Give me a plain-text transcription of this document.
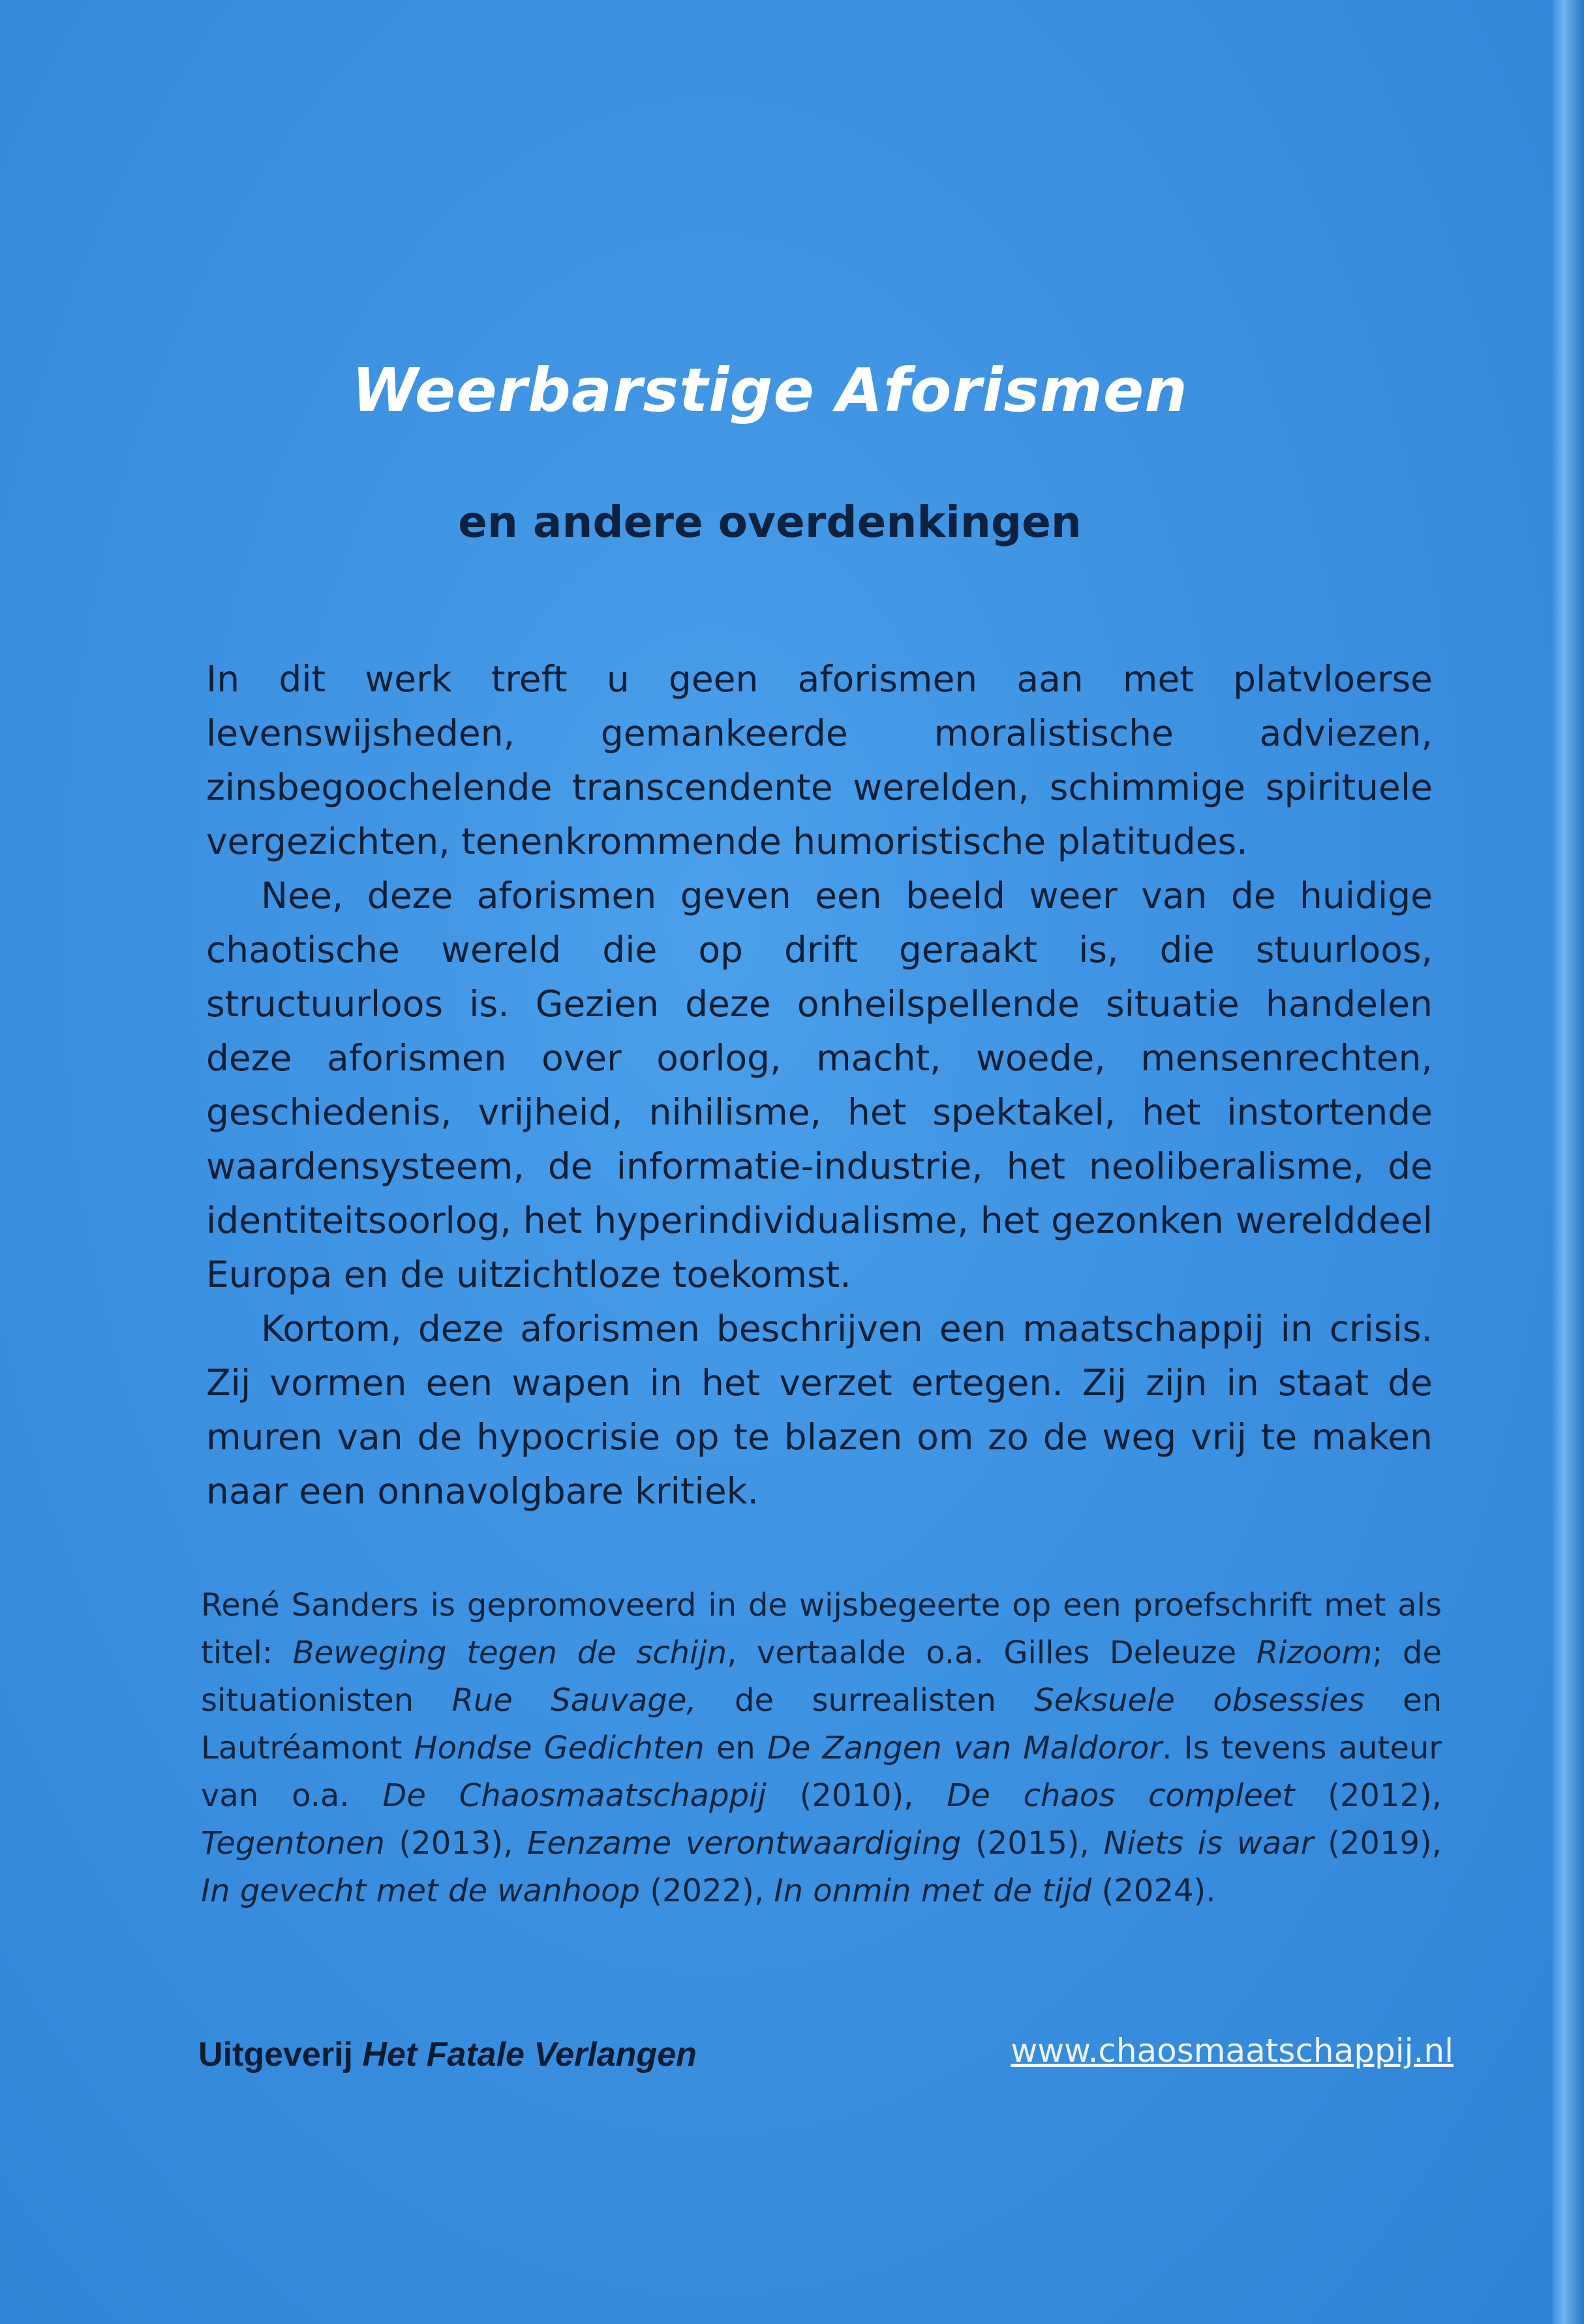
Weerbarstige Aforismen
en andere overdenkingen

In dit werk treft u geen aforismen aan met platvloerse levenswijsheden, gemankeerde moralistische adviezen, zinsbegoochelende transcendente werelden, schimmige spirituele vergezichten, tenenkrommende humoristische platitudes.

Nee, deze aforismen geven een beeld weer van de huidige chaotische wereld die op drift geraakt is, die stuurloos, structuurloos is. Gezien deze onheilspellende situatie handelen deze aforismen over oorlog, macht, woede, mensenrechten, geschiedenis, vrijheid, nihilisme, het spektakel, het instortende waardensysteem, de informatie-industrie, het neoliberalisme, de identiteitsoorlog, het hyperindividualisme, het gezonken werelddeel Europa en de uitzichtloze toekomst.

Kortom, deze aforismen beschrijven een maatschappij in crisis. Zij vormen een wapen in het verzet ertegen. Zij zijn in staat de muren van de hypocrisie op te blazen om zo de weg vrij te maken naar een onnavolgbare kritiek.

René Sanders is gepromoveerd in de wijsbegeerte op een proefschrift met als titel: Beweging tegen de schijn, vertaalde o.a. Gilles Deleuze Rizoom; de situationisten Rue Sauvage, de surrealisten Seksuele obsessies en Lautréamont Hondse Gedichten en De Zangen van Maldoror. Is tevens auteur van o.a. De Chaosmaatschappij (2010), De chaos compleet (2012), Tegentonen (2013), Eenzame verontwaardiging (2015), Niets is waar (2019), In gevecht met de wanhoop (2022), In onmin met de tijd (2024).

Uitgeverij Het Fatale Verlangen	www.chaosmaatschappij.nl
